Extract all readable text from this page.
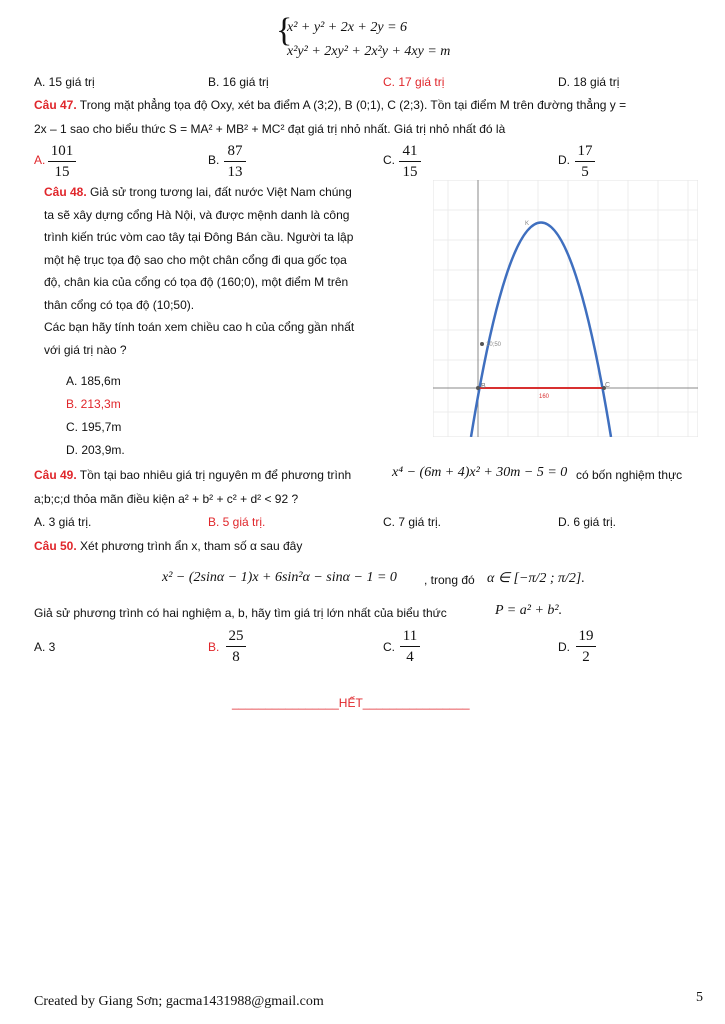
{
x² + y² + 2x + 2y = 6
x²y² + 2xy² + 2x²y + 4xy = m
A. 15 giá trị	B. 16 giá trị	C. 17 giá trị	D. 18 giá trị
Câu 47. Trong mặt phẳng tọa độ Oxy, xét ba điểm A (3;2), B (0;1), C (2;3). Tồn tại điểm M trên đường thẳng y =
2x – 1 sao cho biểu thức S = MA² + MB² + MC² đạt giá trị nhỏ nhất. Giá trị nhỏ nhất đó là
A.
101
15
B.
87
13
C.
41
15
D.
17
5
Câu 48. Giả sử trong tương lai, đất nước Việt Nam chúng
ta sẽ xây dựng cổng Hà Nội, và được mệnh danh là công
trình kiến trúc vòm cao tây tại Đông Bán cầu. Người ta lập
một hệ trục tọa độ sao cho một chân cổng đi qua gốc tọa
độ, chân kia của cổng có tọa độ (160;0), một điểm M trên
thân cổng có tọa độ (10;50).
Các bạn hãy tính toán xem chiều cao h của cổng gần nhất
với giá trị nào ?
A. 185,6m
B. 213,3m
C. 195,7m
D. 203,9m.
B	C
10;50
160
K
Câu 49. Tồn tại bao nhiêu giá trị nguyên m để phương trình	x⁴ − (6m + 4)x² + 30m − 5 = 0 có bốn nghiệm thực
a;b;c;d thỏa mãn điều kiện a² + b² + c² + d² < 92 ?
A. 3 giá trị.	B. 5 giá trị.	C. 7 giá trị.	D. 6 giá trị.
Câu 50. Xét phương trình ẩn x, tham số α sau đây
x² − (2sinα − 1)x + 6sin²α − sinα − 1 = 0 , trong đó α ∈ [−π/2 ; π/2].
Giả sử phương trình có hai nghiệm a, b, hãy tìm giá trị lớn nhất của biểu thức	P = a² + b².
A. 3	B.
25
8
C.
11
4
D.
19
2
________________HẾT________________
Created by Giang Sơn; gacma1431988@gmail.com	5
